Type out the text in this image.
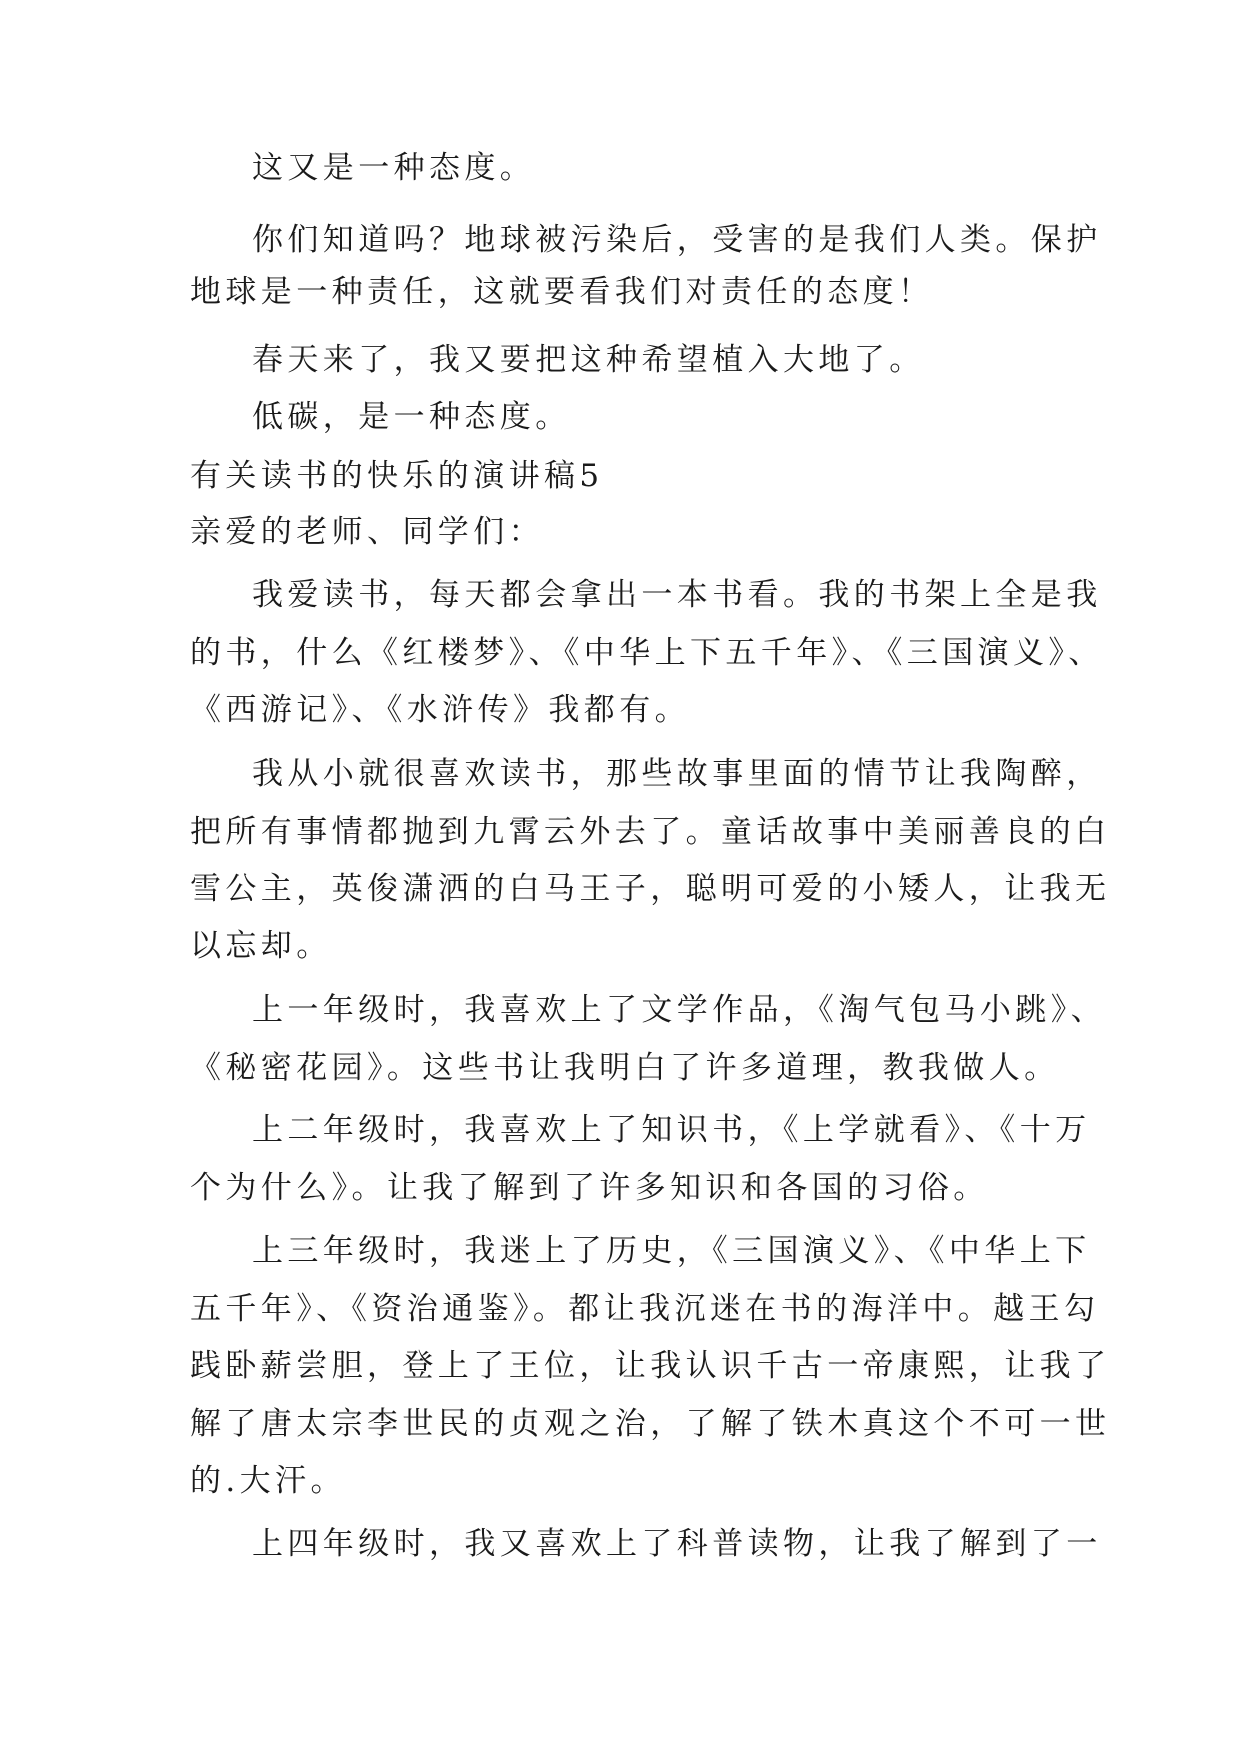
这又是一种态度。
你们知道吗？地球被污染后，受害的是我们人类。保护
地球是一种责任，这就要看我们对责任的态度！
春天来了，我又要把这种希望植入大地了。
低碳，是一种态度。
有关读书的快乐的演讲稿5
亲爱的老师、同学们：
我爱读书，每天都会拿出一本书看。我的书架上全是我
的书，什么《红楼梦》、《中华上下五千年》、《三国演义》、
《西游记》、《水浒传》我都有。
我从小就很喜欢读书，那些故事里面的情节让我陶醉，
把所有事情都抛到九霄云外去了。童话故事中美丽善良的白
雪公主，英俊潇洒的白马王子，聪明可爱的小矮人，让我无
以忘却。
上一年级时，我喜欢上了文学作品，《淘气包马小跳》、
《秘密花园》。这些书让我明白了许多道理，教我做人。
上二年级时，我喜欢上了知识书，《上学就看》、《十万
个为什么》。让我了解到了许多知识和各国的习俗。
上三年级时，我迷上了历史，《三国演义》、《中华上下
五千年》、《资治通鉴》。都让我沉迷在书的海洋中。越王勾
践卧薪尝胆，登上了王位，让我认识千古一帝康熙，让我了
解了唐太宗李世民的贞观之治，了解了铁木真这个不可一世
的.大汗。
上四年级时，我又喜欢上了科普读物，让我了解到了一
